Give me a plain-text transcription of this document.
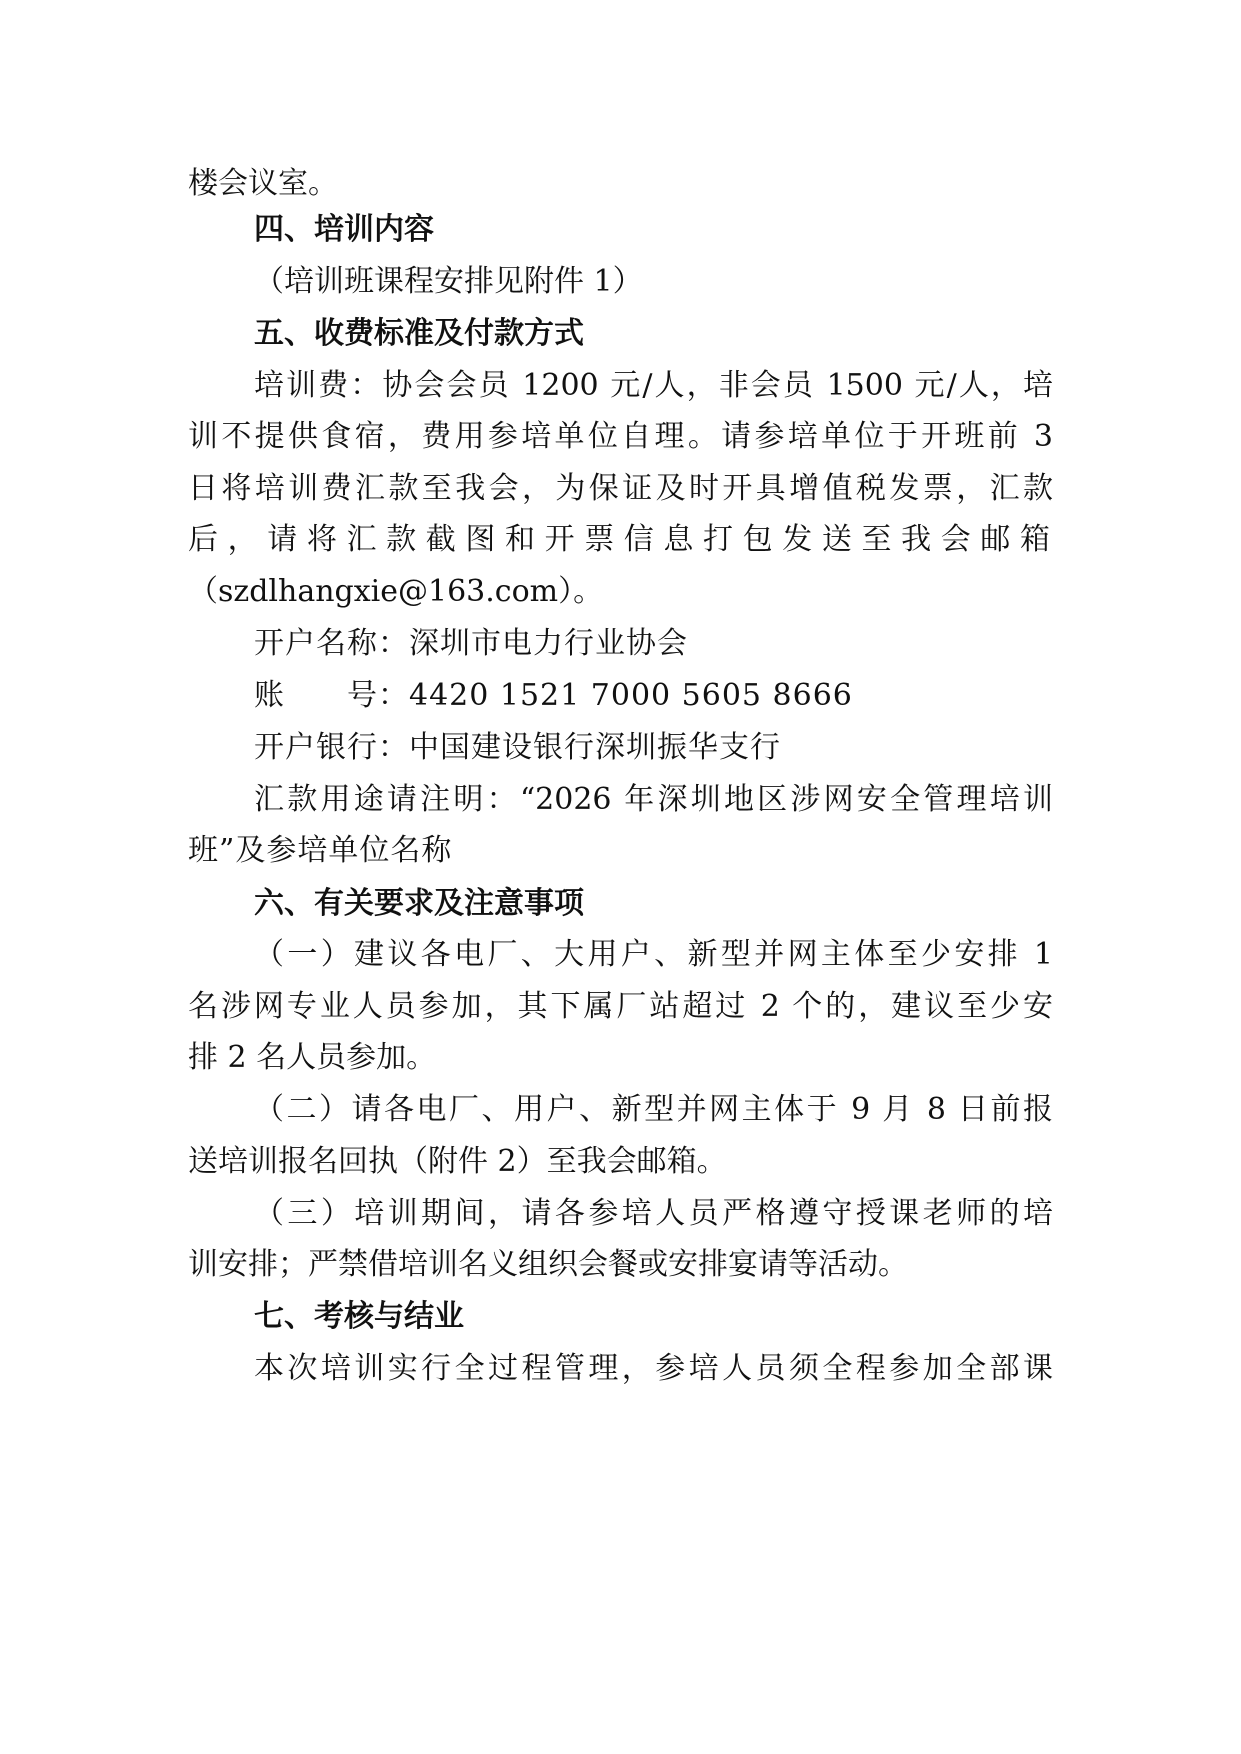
楼会议室。
四、培训内容
（培训班课程安排见附件 1）
五、收费标准及付款方式
培训费：协会会员 1200 元/人，非会员 1500 元/人，培
训不提供食宿，费用参培单位自理。请参培单位于开班前 3
日将培训费汇款至我会，为保证及时开具增值税发票，汇款
后，请将汇款截图和开票信息打包发送至我会邮箱
（szdlhangxie@163.com）。
开户名称：深圳市电力行业协会
账　　号：4420 1521 7000 5605 8666
开户银行：中国建设银行深圳振华支行
汇款用途请注明：“2026 年深圳地区涉网安全管理培训
班”及参培单位名称
六、有关要求及注意事项
（一）建议各电厂、大用户、新型并网主体至少安排 1
名涉网专业人员参加，其下属厂站超过 2 个的，建议至少安
排 2 名人员参加。
（二）请各电厂、用户、新型并网主体于 9 月 8 日前报
送培训报名回执（附件 2）至我会邮箱。
（三）培训期间，请各参培人员严格遵守授课老师的培
训安排；严禁借培训名义组织会餐或安排宴请等活动。
七、考核与结业
本次培训实行全过程管理，参培人员须全程参加全部课
